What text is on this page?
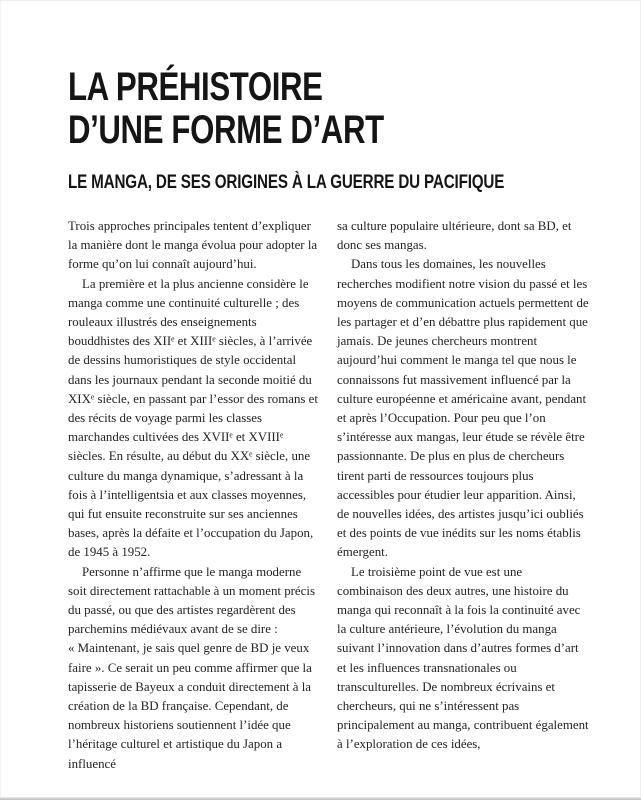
LA PRÉHISTOIRE
D’UNE FORME D’ART
LE MANGA, DE SES ORIGINES À LA GUERRE DU PACIFIQUE

Trois approches principales tentent d’expliquer la manière dont le manga évolua pour adopter la forme qu’on lui connaît aujourd’hui.

La première et la plus ancienne considère le manga comme une continuité culturelle ; des rouleaux illustrés des enseignements bouddhistes des XIIᵉ et XIIIᵉ siècles, à l’arrivée de dessins humoristiques de style occidental dans les journaux pendant la seconde moitié du XIXᵉ siècle, en passant par l’essor des romans et des récits de voyage parmi les classes marchandes cultivées des XVIIᵉ et XVIIIᵉ siècles. En résulte, au début du XXᵉ siècle, une culture du manga dynamique, s’adressant à la fois à l’intelligentsia et aux classes moyennes, qui fut ensuite reconstruite sur ses anciennes bases, après la défaite et l’occupation du Japon, de 1945 à 1952.

Personne n’affirme que le manga moderne soit directement rattachable à un moment précis du passé, ou que des artistes regardèrent des parchemins médiévaux avant de se dire : « Maintenant, je sais quel genre de BD je veux faire ». Ce serait un peu comme affirmer que la tapisserie de Bayeux a conduit directement à la création de la BD française. Cependant, de nombreux historiens soutiennent l’idée que l’héritage culturel et artistique du Japon a influencé

sa culture populaire ultérieure, dont sa BD, et donc ses mangas.

Dans tous les domaines, les nouvelles recherches modifient notre vision du passé et les moyens de communication actuels permettent de les partager et d’en débattre plus rapidement que jamais. De jeunes chercheurs montrent aujourd’hui comment le manga tel que nous le connaissons fut massivement influencé par la culture européenne et américaine avant, pendant et après l’Occupation. Pour peu que l’on s’intéresse aux mangas, leur étude se révèle être passionnante. De plus en plus de chercheurs tirent parti de ressources toujours plus accessibles pour étudier leur apparition. Ainsi, de nouvelles idées, des artistes jusqu’ici oubliés et des points de vue inédits sur les noms établis émergent.

Le troisième point de vue est une combinaison des deux autres, une histoire du manga qui reconnaît à la fois la continuité avec la culture antérieure, l’évolution du manga suivant l’innovation dans d’autres formes d’art et les influences transnationales ou transculturelles. De nombreux écrivains et chercheurs, qui ne s’intéressent pas principalement au manga, contribuent également à l’exploration de ces idées,
